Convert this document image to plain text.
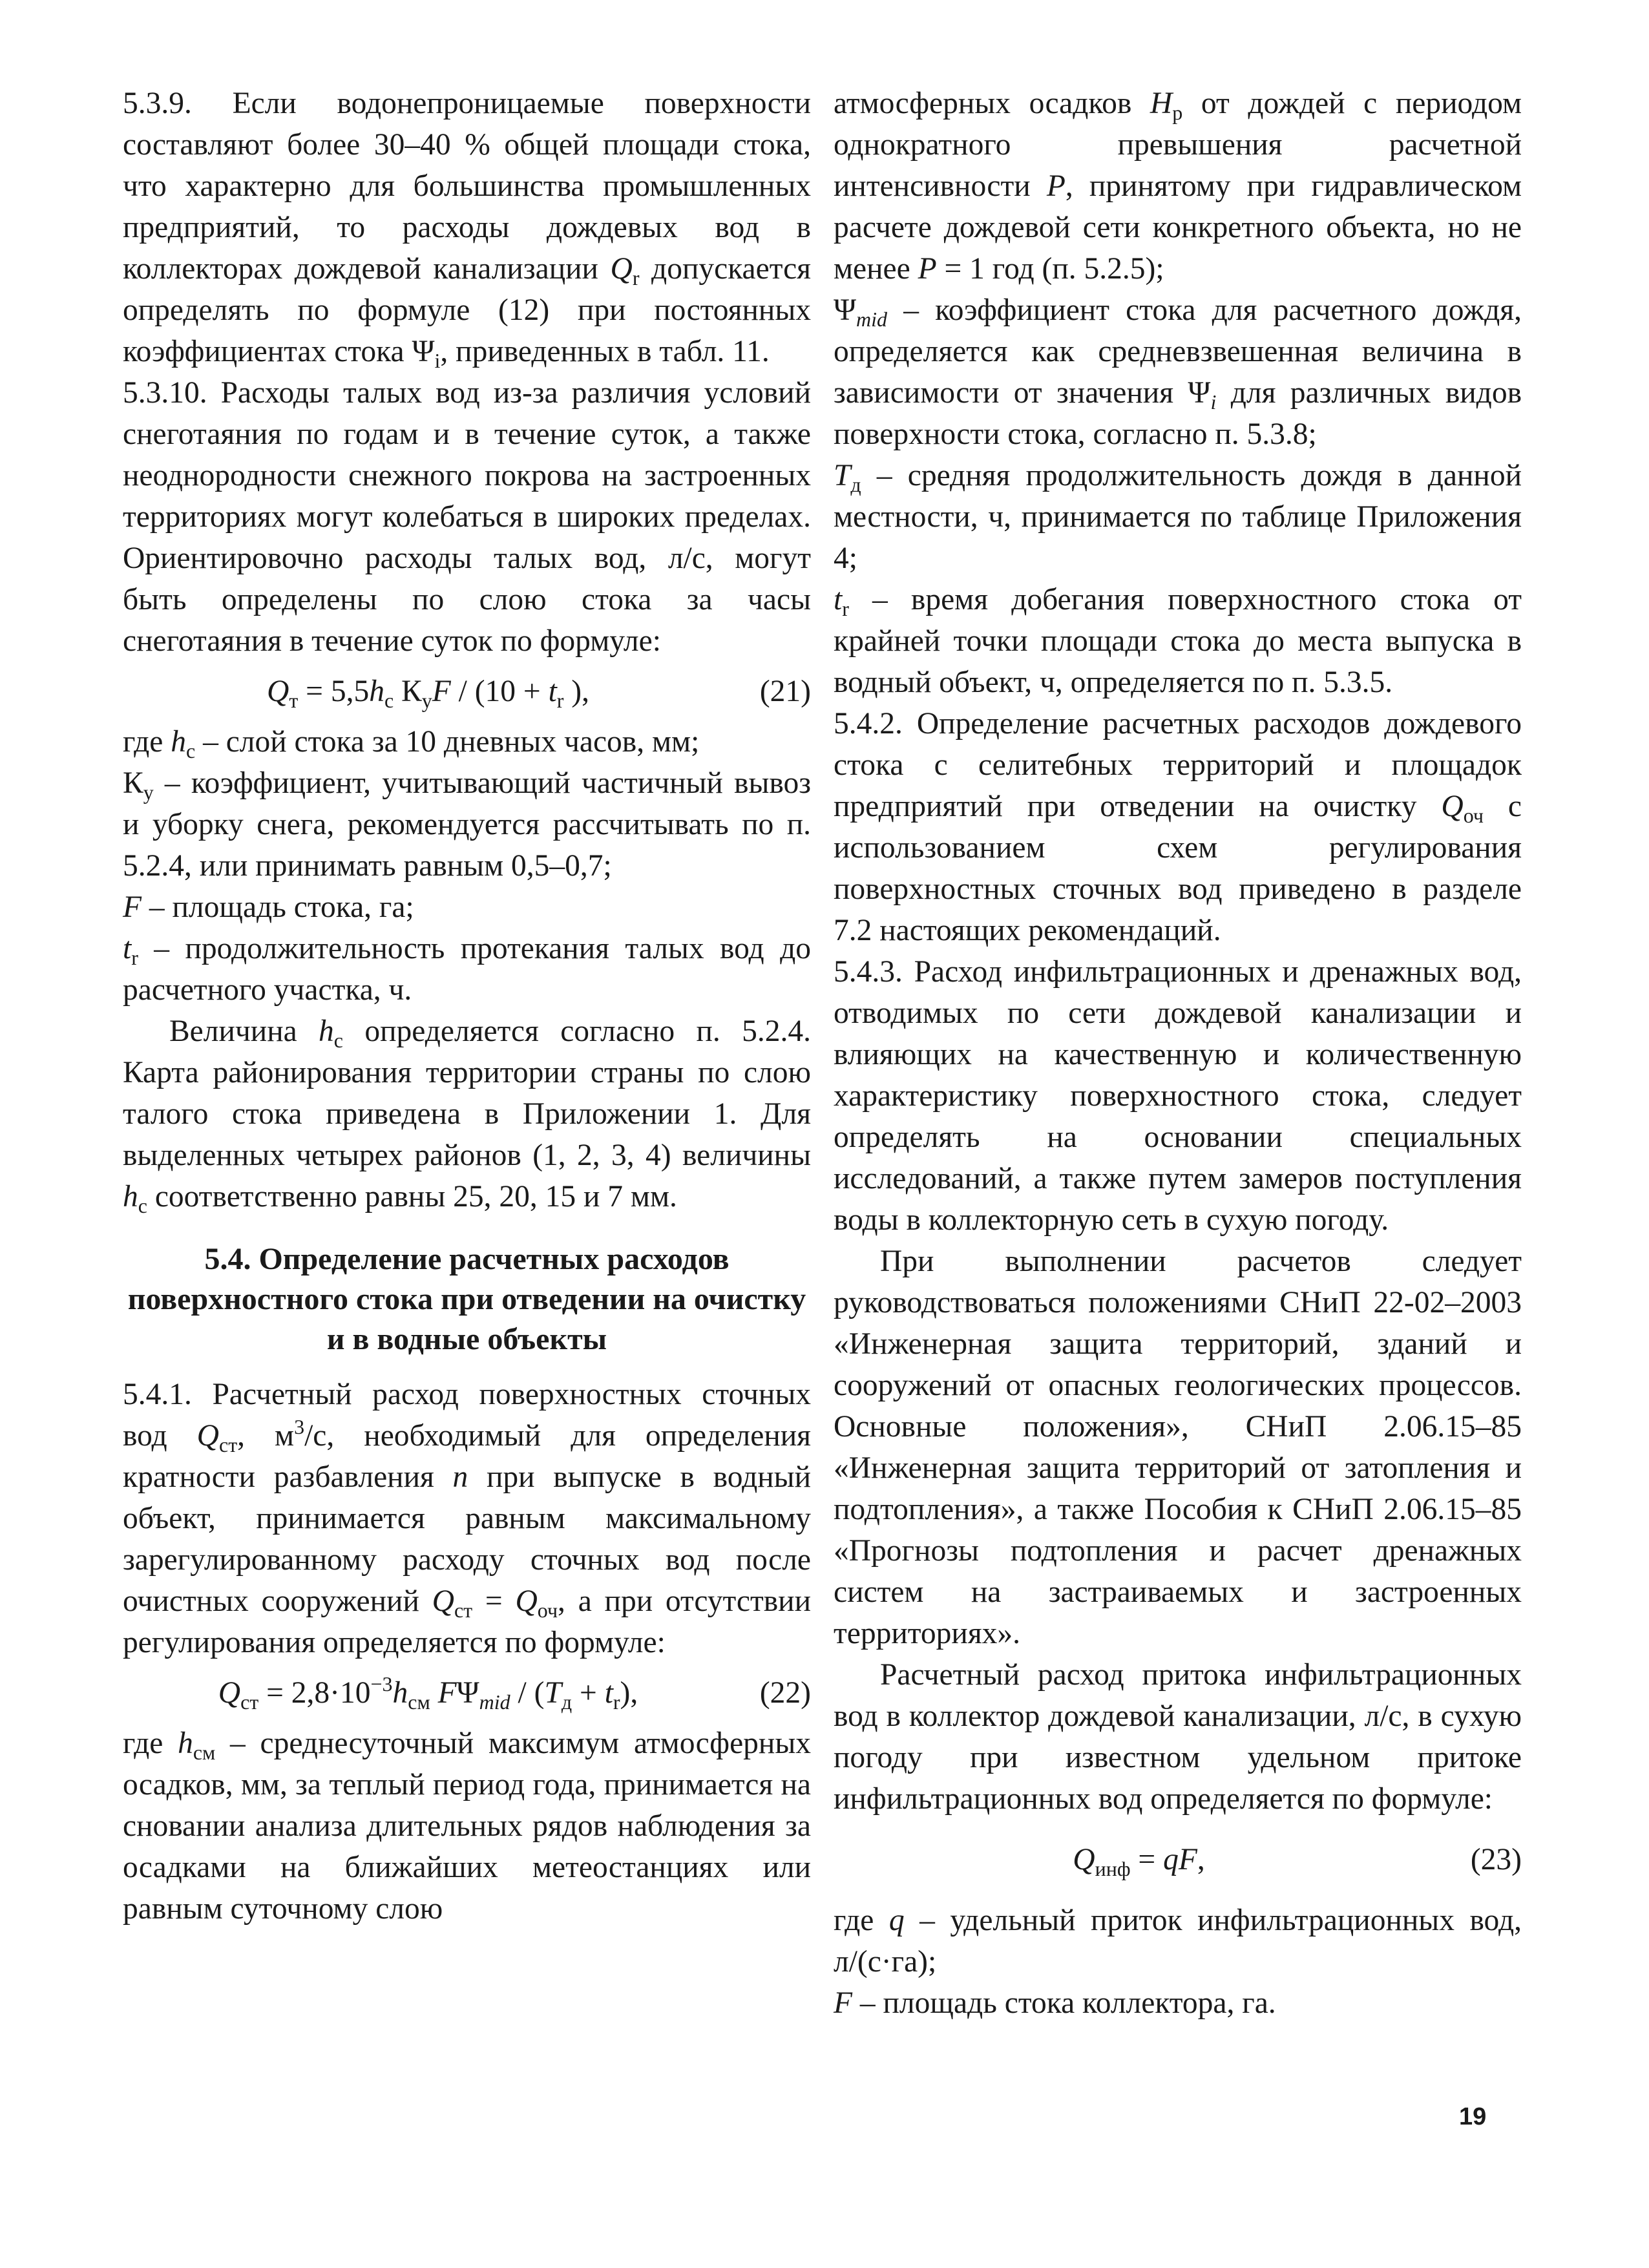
5.3.9. Если водонепроницаемые поверхности составляют более 30–40 % общей площади стока, что характерно для большинства промышленных предприятий, то расходы дождевых вод в коллекторах дождевой канализации $Q_r$ допускается определять по формуле (12) при постоянных коэффициентах стока $\Psi_i$, приведенных в табл. 11.

5.3.10. Расходы талых вод из-за различия условий снеготаяния по годам и в течение суток, а также неоднородности снежного покрова на застроенных территориях могут колебаться в широких пределах. Ориентировочно расходы талых вод, л/с, могут быть определены по слою стока за часы снеготаяния в течение суток по формуле:

$Q_т = 5,5h_с$ $К_уF / (10 + t_r$ ),	(21)

где $h_с$ – слой стока за 10 дневных часов, мм;

$К_у$ – коэффициент, учитывающий частичный вывоз и уборку снега, рекомендуется рассчитывать по п. 5.2.4, или принимать равным 0,5–0,7;

F – площадь стока, га;

$t_r$ – продолжительность протекания талых вод до расчетного участка, ч.

Величина $h_с$ определяется согласно п. 5.2.4. Карта районирования территории страны по слою талого стока приведена в Приложении 1. Для выделенных четырех районов (1, 2, 3, 4) величины $h_с$ соответственно равны 25, 20, 15 и 7 мм.

5.4. Определение расчетных расходов поверхностного стока при отведении на очистку и в водные объекты

5.4.1. Расчетный расход поверхностных сточных вод $Q_{ст}$, $м^3/с$, необходимый для определения кратности разбавления n при выпуске в водный объект, принимается равным максимальному зарегулированному расходу сточных вод после очистных сооружений $Q_{ст} = Q_{оч}$, а при отсутствии регулирования определяется по формуле:

$Q_{ст} = 2,8\cdot 10^{-3}h_{см}$ $F\Psi_{mid} / (T_д + t_r)$,	(22)

где $h_{см}$ – среднесуточный максимум атмосферных осадков, мм, за теплый период года, принимается на сновании анализа длительных рядов наблюдения за осадками на ближайших метеостанциях или равным суточному слою

атмосферных осадков $H_р$ от дождей с периодом однократного превышения расчетной интенсивности P, принятому при гидравлическом расчете дождевой сети конкретного объекта, но не менее P = 1 год (п. 5.2.5);

$\Psi_{mid}$ – коэффициент стока для расчетного дождя, определяется как средневзвешенная величина в зависимости от значения $\Psi_i$ для различных видов поверхности стока, согласно п. 5.3.8;

$T_д$ – средняя продолжительность дождя в данной местности, ч, принимается по таблице Приложения 4;

$t_r$ – время добегания поверхностного стока от крайней точки площади стока до места выпуска в водный объект, ч, определяется по п. 5.3.5.

5.4.2. Определение расчетных расходов дождевого стока с селитебных территорий и площадок предприятий при отведении на очистку $Q_{оч}$ с использованием схем регулирования поверхностных сточных вод приведено в разделе 7.2 настоящих рекомендаций.

5.4.3. Расход инфильтрационных и дренажных вод, отводимых по сети дождевой канализации и влияющих на качественную и количественную характеристику поверхностного стока, следует определять на основании специальных исследований, а также путем замеров поступления воды в коллекторную сеть в сухую погоду.

При выполнении расчетов следует руководствоваться положениями СНиП 22-02–2003 «Инженерная защита территорий, зданий и сооружений от опасных геологических процессов. Основные положения», СНиП 2.06.15–85 «Инженерная защита территорий от затопления и подтопления», а также Пособия к СНиП 2.06.15–85 «Прогнозы подтопления и расчет дренажных систем на застраиваемых и застроенных территориях».

Расчетный расход притока инфильтрационных вод в коллектор дождевой канализации, л/с, в сухую погоду при известном удельном притоке инфильтрационных вод определяется по формуле:

$Q_{инф}$ = qF,	(23)

где q – удельный приток инфильтрационных вод, л/(с·га);

F – площадь стока коллектора, га.

19
